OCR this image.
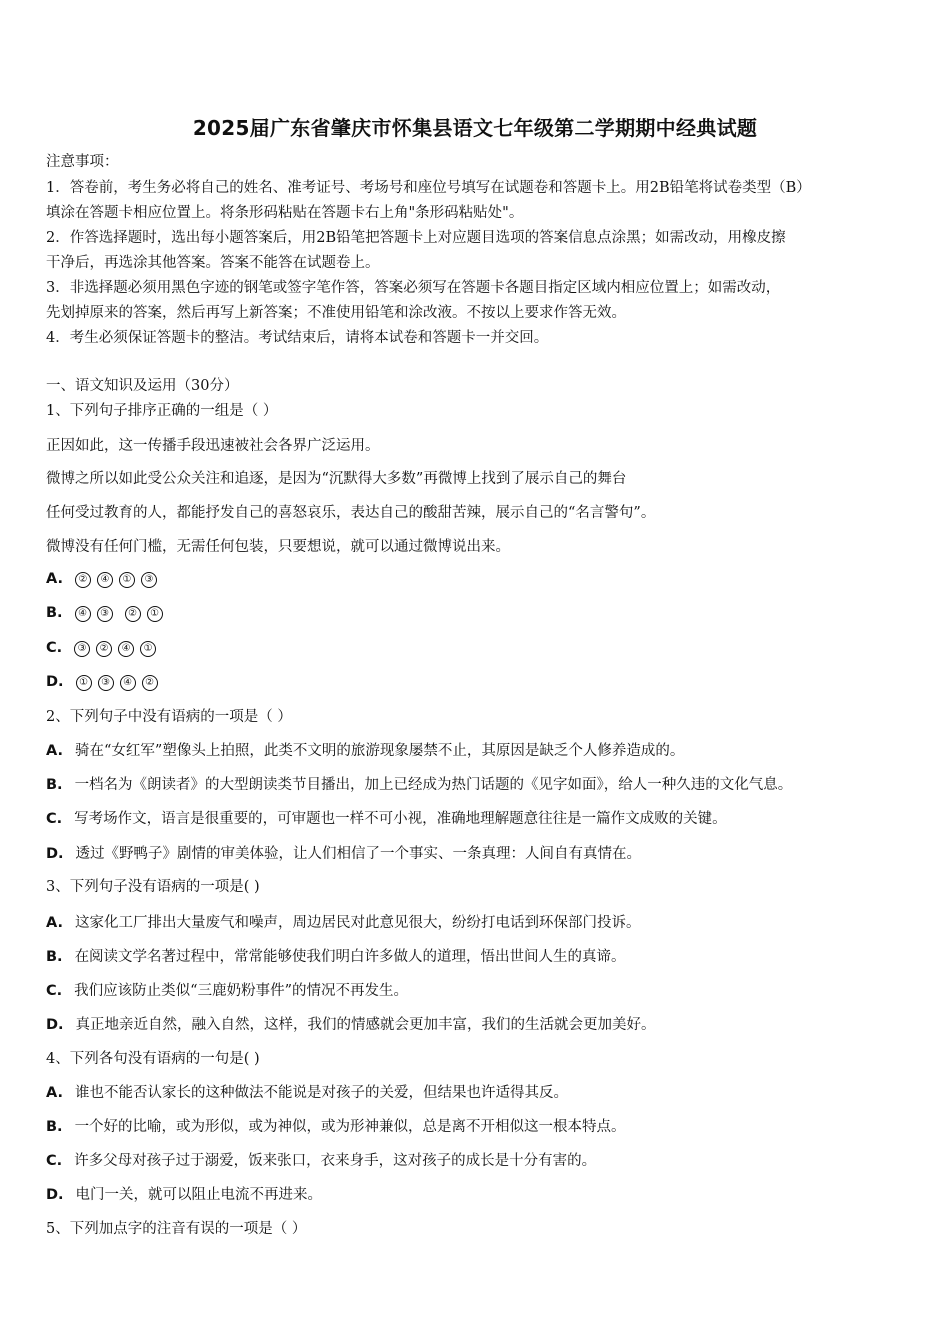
2025届广东省肇庆市怀集县语文七年级第二学期期中经典试题
注意事项：
1．答卷前，考生务必将自己的姓名、准考证号、考场号和座位号填写在试题卷和答题卡上。用2B铅笔将试卷类型（B）
填涂在答题卡相应位置上。将条形码粘贴在答题卡右上角"条形码粘贴处"。
2．作答选择题时，选出每小题答案后，用2B铅笔把答题卡上对应题目选项的答案信息点涂黑；如需改动，用橡皮擦
干净后，再选涂其他答案。答案不能答在试题卷上。
3．非选择题必须用黑色字迹的钢笔或签字笔作答，答案必须写在答题卡各题目指定区域内相应位置上；如需改动，
先划掉原来的答案，然后再写上新答案；不准使用铅笔和涂改液。不按以上要求作答无效。
4．考生必须保证答题卡的整洁。考试结束后，请将本试卷和答题卡一并交回。
一、语文知识及运用（30分）
1、下列句子排序正确的一组是（ ）
正因如此，这一传播手段迅速被社会各界广泛运用。
微博之所以如此受公众关注和追逐，是因为“沉默得大多数”再微博上找到了展示自己的舞台
任何受过教育的人，都能抒发自己的喜怒哀乐，表达自己的酸甜苦辣，展示自己的“名言警句”。
微博没有任何门槛，无需任何包装，只要想说，就可以通过微博说出来。
A. ② ④ ① ③
B. ④ ③ ② ①
C. ③ ② ④ ①
D. ① ③ ④ ②
2、下列句子中没有语病的一项是（ ）
A. 骑在“女红军”塑像头上拍照，此类不文明的旅游现象屡禁不止，其原因是缺乏个人修养造成的。
B. 一档名为《朗读者》的大型朗读类节目播出，加上已经成为热门话题的《见字如面》，给人一种久违的文化气息。
C. 写考场作文，语言是很重要的，可审题也一样不可小视，准确地理解题意往往是一篇作文成败的关键。
D. 透过《野鸭子》剧情的审美体验，让人们相信了一个事实、一条真理：人间自有真情在。
3、下列句子没有语病的一项是( )
A. 这家化工厂排出大量废气和噪声，周边居民对此意见很大，纷纷打电话到环保部门投诉。
B. 在阅读文学名著过程中，常常能够使我们明白许多做人的道理，悟出世间人生的真谛。
C. 我们应该防止类似“三鹿奶粉事件”的情况不再发生。
D. 真正地亲近自然，融入自然，这样，我们的情感就会更加丰富，我们的生活就会更加美好。
4、下列各句没有语病的一句是( )
A. 谁也不能否认家长的这种做法不能说是对孩子的关爱，但结果也许适得其反。
B. 一个好的比喻，或为形似，或为神似，或为形神兼似，总是离不开相似这一根本特点。
C. 许多父母对孩子过于溺爱，饭来张口，衣来身手，这对孩子的成长是十分有害的。
D. 电门一关，就可以阻止电流不再进来。
5、下列加点字的注音有误的一项是（ ）
